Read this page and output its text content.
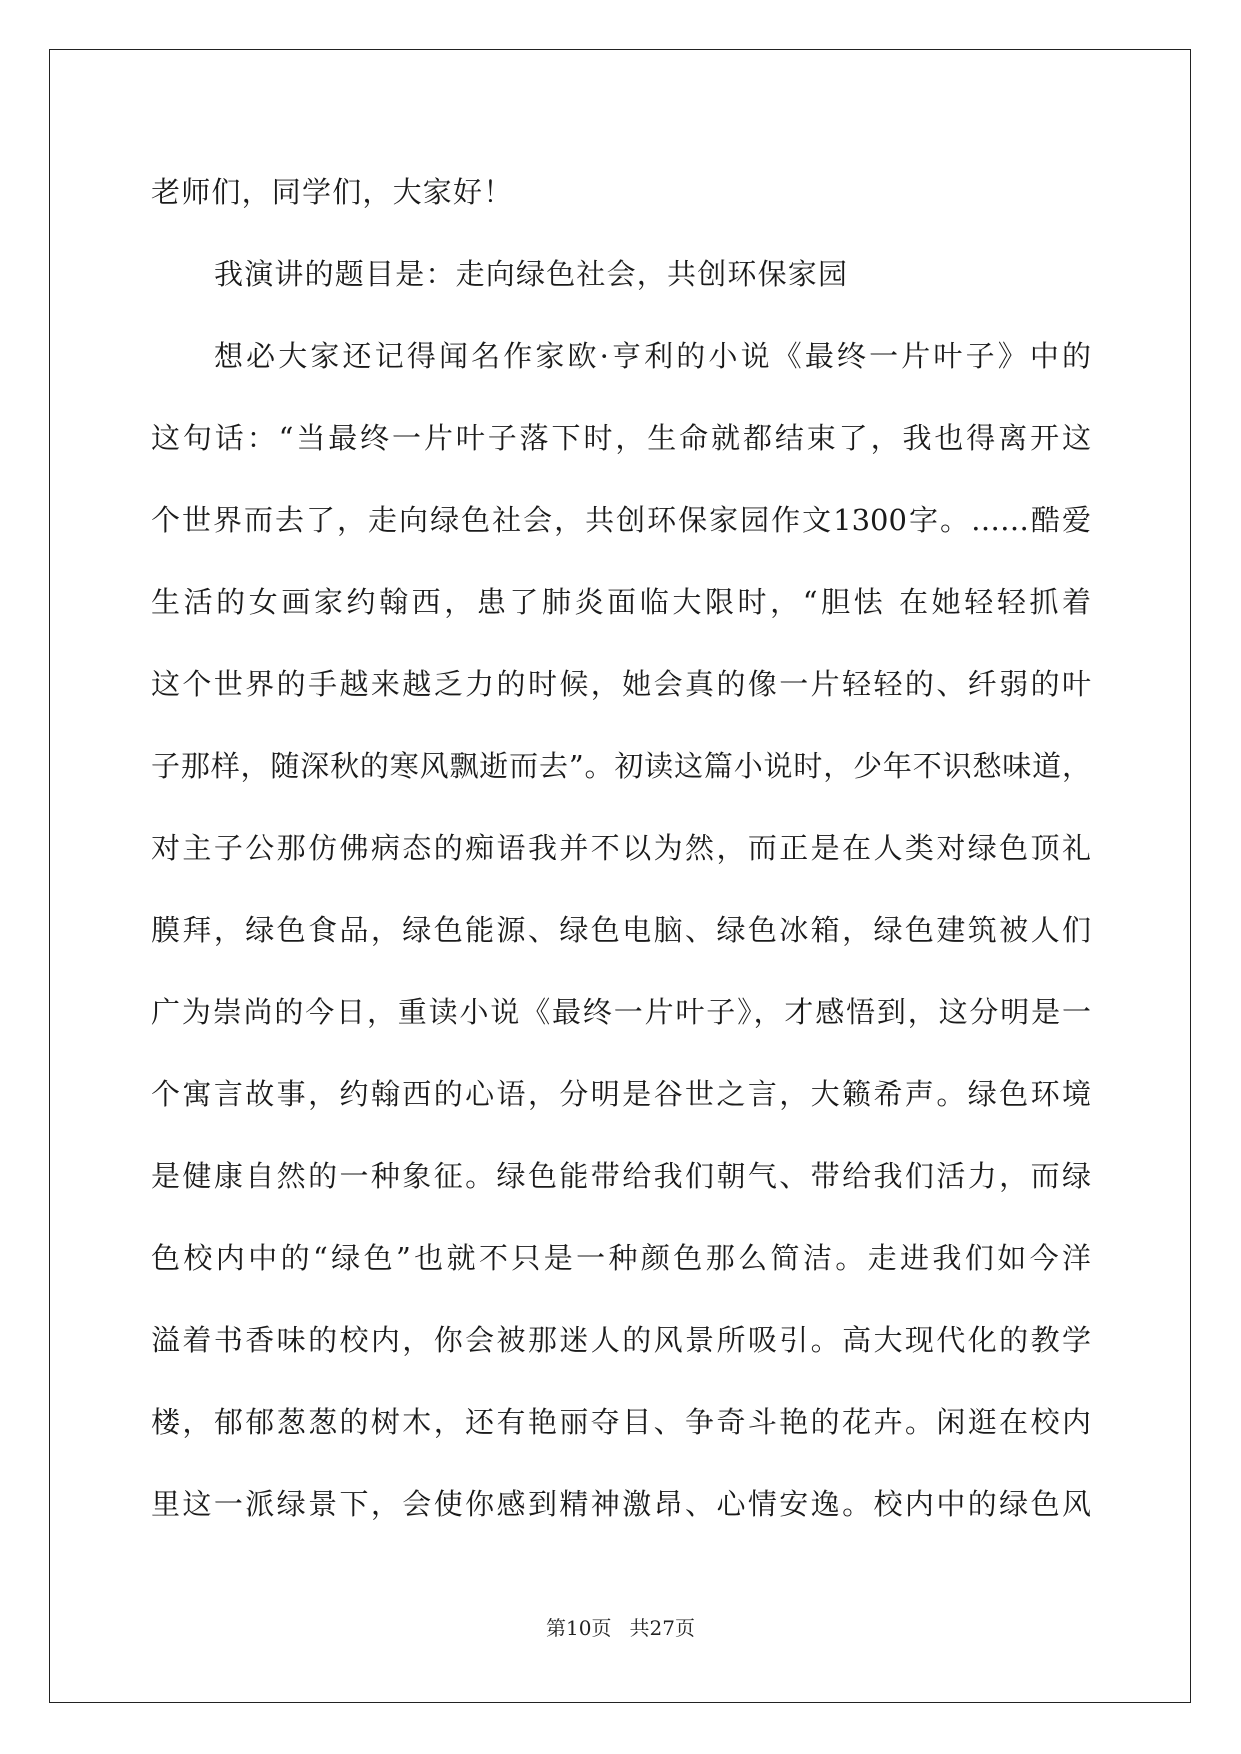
老师们，同学们，大家好！
我演讲的题目是：走向绿色社会，共创环保家园
想必大家还记得闻名作家欧·亨利的小说《最终一片叶子》中的
这句话：“当最终一片叶子落下时，生命就都结束了，我也得离开这
个世界而去了，走向绿色社会，共创环保家园作文1300字。……酷爱
生活的女画家约翰西，患了肺炎面临大限时，“胆怯 在她轻轻抓着
这个世界的手越来越乏力的时候，她会真的像一片轻轻的、纤弱的叶
子那样，随深秋的寒风飘逝而去”。初读这篇小说时，少年不识愁味道，
对主子公那仿佛病态的痴语我并不以为然，而正是在人类对绿色顶礼
膜拜，绿色食品，绿色能源、绿色电脑、绿色冰箱，绿色建筑被人们
广为崇尚的今日，重读小说《最终一片叶子》，才感悟到，这分明是一
个寓言故事，约翰西的心语，分明是谷世之言，大籁希声。绿色环境
是健康自然的一种象征。绿色能带给我们朝气、带给我们活力，而绿
色校内中的“绿色”也就不只是一种颜色那么简洁。走进我们如今洋
溢着书香味的校内，你会被那迷人的风景所吸引。高大现代化的教学
楼，郁郁葱葱的树木，还有艳丽夺目、争奇斗艳的花卉。闲逛在校内
里这一派绿景下，会使你感到精神激昂、心情安逸。校内中的绿色风
第10页 共27页
